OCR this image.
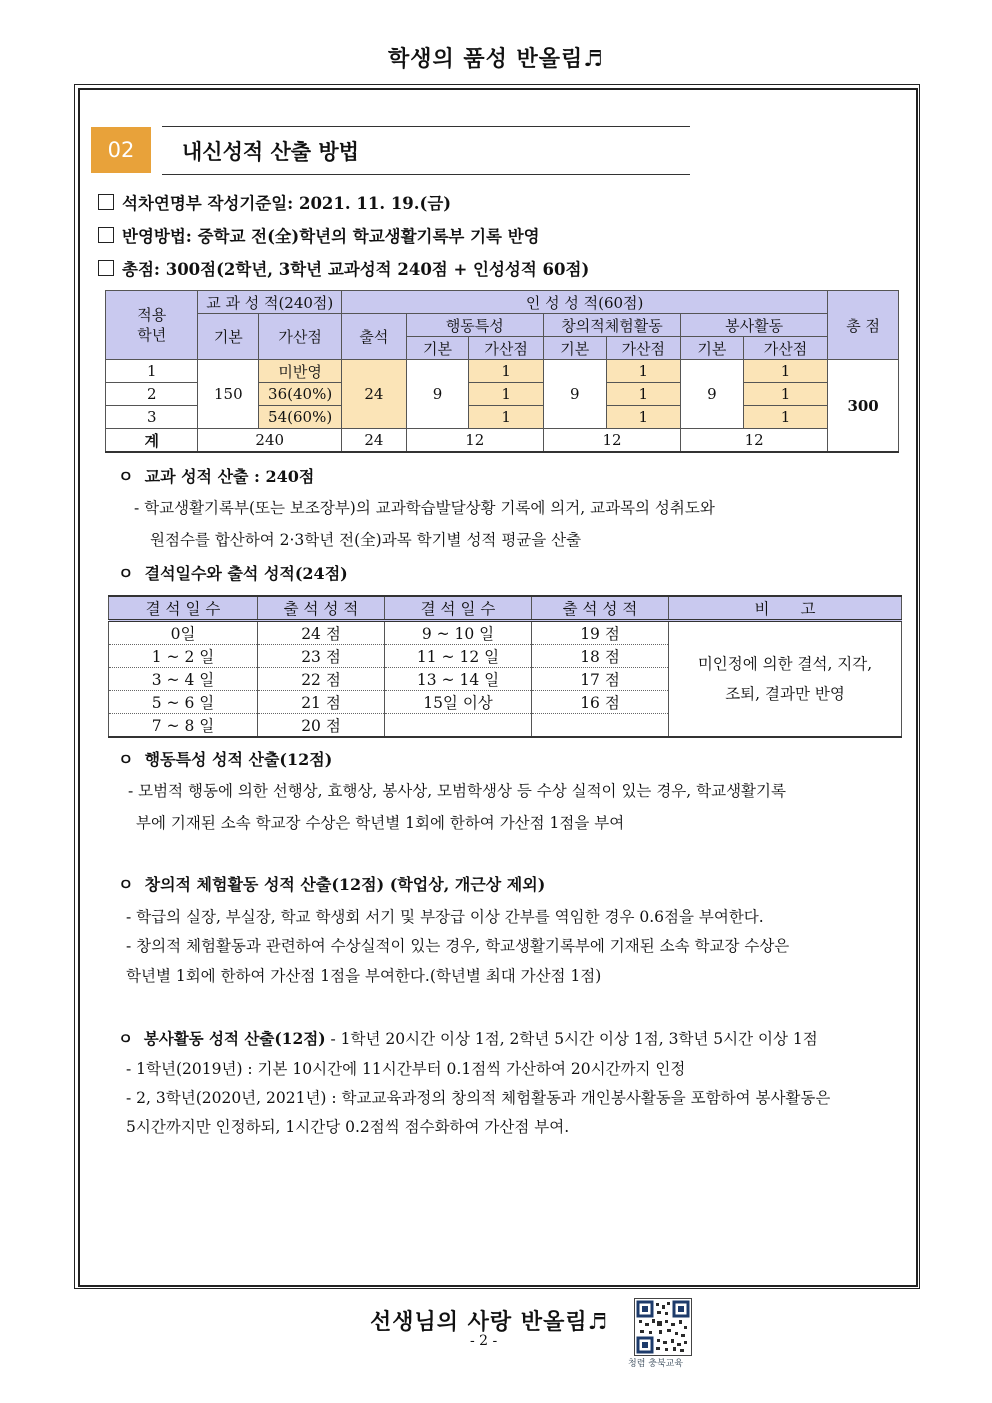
학생의 품성 반올림♬
02	내신성적 산출 방법
석차연명부 작성기준일: 2021. 11. 19.(금)
반영방법: 중학교 전(全)학년의 학교생활기록부 기록 반영
총점: 300점(2학년, 3학년 교과성적 240점 + 인성성적 60점)
적용
학년	교 과 성 적(240점)		인 성 성 적(60점)							총 점
	기본	가산점	출석	행동특성		창의적체험활동		봉사활동		
				기본	가산점	기본	가산점	기본	가산점	
1	150	미반영	24	9	1	9	1	9	1	300
2		36(40%)			1		1		1	
3		54(60%)			1		1		1	
계	240		24	12		12		12		
ㅇ  교과 성적 산출 : 240점
- 학교생활기록부(또는 보조장부)의 교과학습발달상황 기록에 의거, 교과목의 성취도와
원점수를 합산하여 2·3학년 전(全)과목 학기별 성적 평균을 산출
ㅇ  결석일수와 출석 성적(24점)
결 석 일 수	출 석 성 적	결 석 일 수	출 석 성 적	비　　고
0일	24 점	9 ~ 10 일	19 점	미인정에 의한 결석, 지각,
조퇴, 결과만 반영
1 ~ 2 일	23 점	11 ~ 12 일	18 점	
3 ~ 4 일	22 점	13 ~ 14 일	17 점	
5 ~ 6 일	21 점	15일 이상	16 점	
7 ~ 8 일	20 점			
ㅇ  행동특성 성적 산출(12점)
- 모범적 행동에 의한 선행상, 효행상, 봉사상, 모범학생상 등 수상 실적이 있는 경우, 학교생활기록
부에 기재된 소속 학교장 수상은 학년별 1회에 한하여 가산점 1점을 부여
ㅇ  창의적 체험활동 성적 산출(12점) (학업상, 개근상 제외)
- 학급의 실장, 부실장, 학교 학생회 서기 및 부장급 이상 간부를 역임한 경우 0.6점을 부여한다.
- 창의적 체험활동과 관련하여 수상실적이 있는 경우, 학교생활기록부에 기재된 소속 학교장 수상은
학년별 1회에 한하여 가산점 1점을 부여한다.(학년별 최대 가산점 1점)
ㅇ  봉사활동 성적 산출(12점) - 1학년 20시간 이상 1점, 2학년 5시간 이상 1점, 3학년 5시간 이상 1점
- 1학년(2019년) : 기본 10시간에 11시간부터 0.1점씩 가산하여 20시간까지 인정
- 2, 3학년(2020년, 2021년) : 학교교육과정의 창의적 체험활동과 개인봉사활동을 포함하여 봉사활동은
5시간까지만 인정하되, 1시간당 0.2점씩 점수화하여 가산점 부여.
선생님의 사랑 반올림♬
- 2 -
청렴 충북교육
